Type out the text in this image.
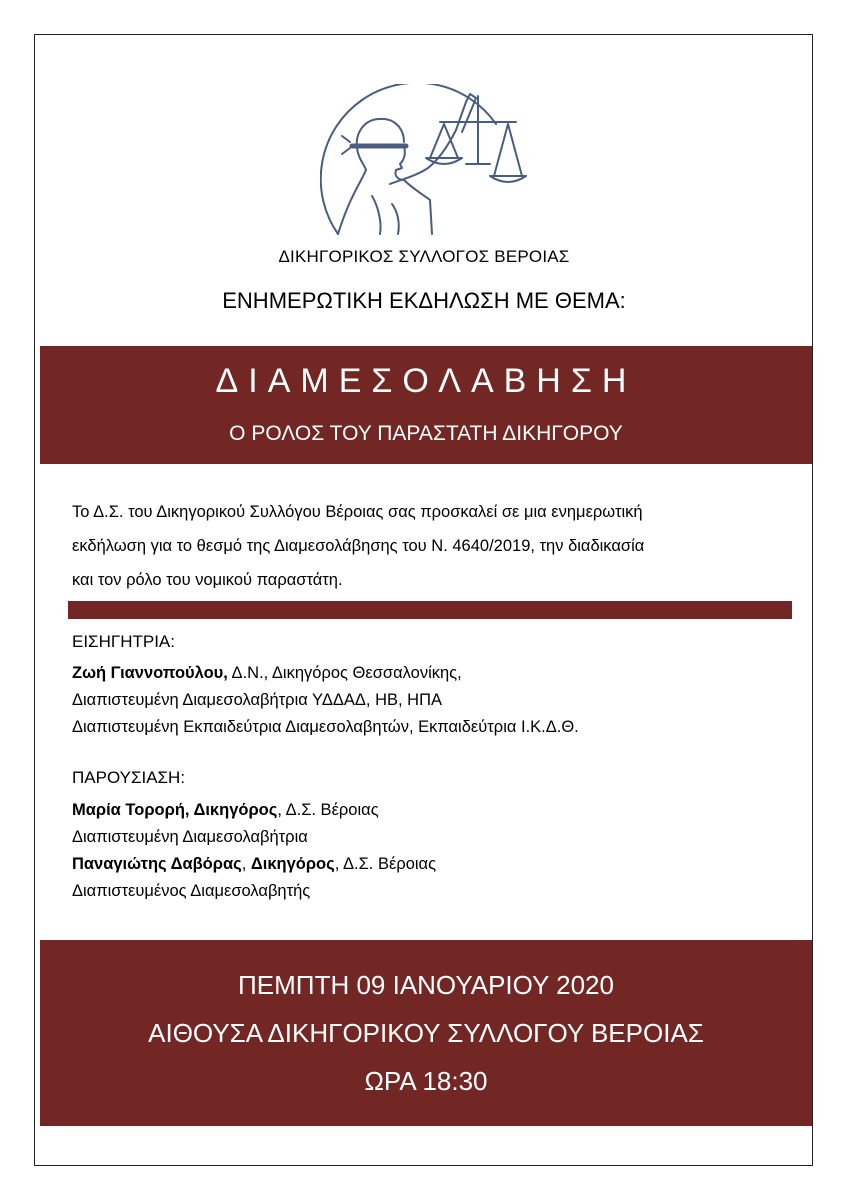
ΔΙΚΗΓΟΡΙΚΟΣ ΣΥΛΛΟΓΟΣ ΒΕΡΟΙΑΣ
ΕΝΗΜΕΡΩΤΙΚΗ ΕΚΔΗΛΩΣΗ ΜΕ ΘΕΜΑ:
ΔΙΑΜΕΣΟΛΑΒΗΣΗ
Ο ΡΟΛΟΣ ΤΟΥ ΠΑΡΑΣΤΑΤΗ ΔΙΚΗΓΟΡΟΥ
Το Δ.Σ. του Δικηγορικού Συλλόγου Βέροιας σας προσκαλεί σε μια ενημερωτική
εκδήλωση για το θεσμό της Διαμεσολάβησης του Ν. 4640/2019, την διαδικασία
και τον ρόλο του νομικού παραστάτη.
ΕΙΣΗΓΗΤΡΙΑ:
Ζωή Γιαννοπούλου, Δ.Ν., Δικηγόρος Θεσσαλονίκης,
Διαπιστευμένη Διαμεσολαβήτρια ΥΔΔΑΔ, HB, ΗΠΑ
Διαπιστευμένη Εκπαιδεύτρια Διαμεσολαβητών, Εκπαιδεύτρια Ι.Κ.Δ.Θ.
ΠΑΡΟΥΣΙΑΣΗ:
Μαρία Τορορή, Δικηγόρος, Δ.Σ. Βέροιας
Διαπιστευμένη Διαμεσολαβήτρια
Παναγιώτης Δαβόρας, Δικηγόρος, Δ.Σ. Βέροιας
Διαπιστευμένος Διαμεσολαβητής
ΠΕΜΠΤΗ 09 ΙΑΝΟΥΑΡΙΟΥ 2020
ΑΙΘΟΥΣΑ ΔΙΚΗΓΟΡΙΚΟΥ ΣΥΛΛΟΓΟΥ ΒΕΡΟΙΑΣ
ΩΡΑ 18:30
